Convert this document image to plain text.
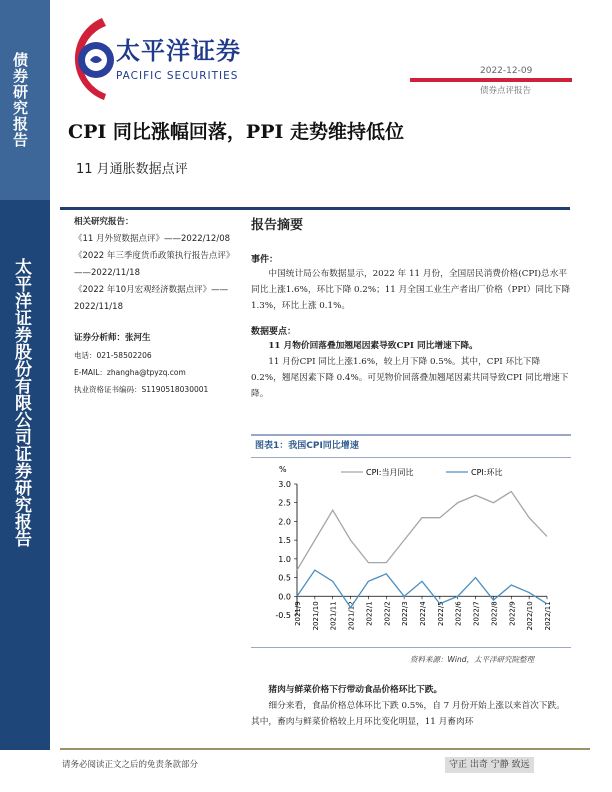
债券研究报告
太平洋证券股份有限公司证券研究报告
太平洋证券
PACIFIC SECURITIES	2022-12-09
债券点评报告
CPI 同比涨幅回落，PPI 走势维持低位
11 月通胀数据点评
相关研究报告：
《11 月外贸数据点评》——2022/12/08
《2022 年三季度货币政策执行报告点评》——2022/11/18
《2022 年10月宏观经济数据点评》——2022/11/18
证券分析师：张河生
电话：021-58502206
E-MAIL：zhangha@tpyzq.com
执业资格证书编码：S1190518030001
报告摘要
事件：

中国统计局公布数据显示，2022 年 11 月份，全国居民消费价格(CPI)总水平同比上涨1.6%，环比下降 0.2%；11 月全国工业生产者出厂价格（PPI）同比下降 1.3%，环比上涨 0.1%。

数据要点：

11 月物价回落叠加翘尾因素导致CPI 同比增速下降。

11 月份CPI 同比上涨1.6%，较上月下降 0.5%。其中，CPI 环比下降 0.2%，翘尾因素下降 0.4%。可见物价回落叠加翘尾因素共同导致CPI 同比增速下降。

图表1：我国CPI同比增速
%
3.0
2.5
2.0
1.5
1.0
0.5
0.0
-0.5 2021/9 2021/10 2021/11 2021/12 2022/1 2022/2 2022/3 2022/4 2022/5 2022/6 2022/7 2022/8 2022/9 2022/10 2022/11
CPI:当月同比	CPI:环比
资料来源：Wind，太平洋研究院整理

猪肉与鲜菜价格下行带动食品价格环比下跌。

细分来看，食品价格总体环比下跌 0.5%，自 7 月份开始上涨以来首次下跌。其中，畜肉与鲜菜价格较上月环比变化明显，11 月畜肉环

请务必阅读正文之后的免责条款部分	守正 出奇 宁静 致远
